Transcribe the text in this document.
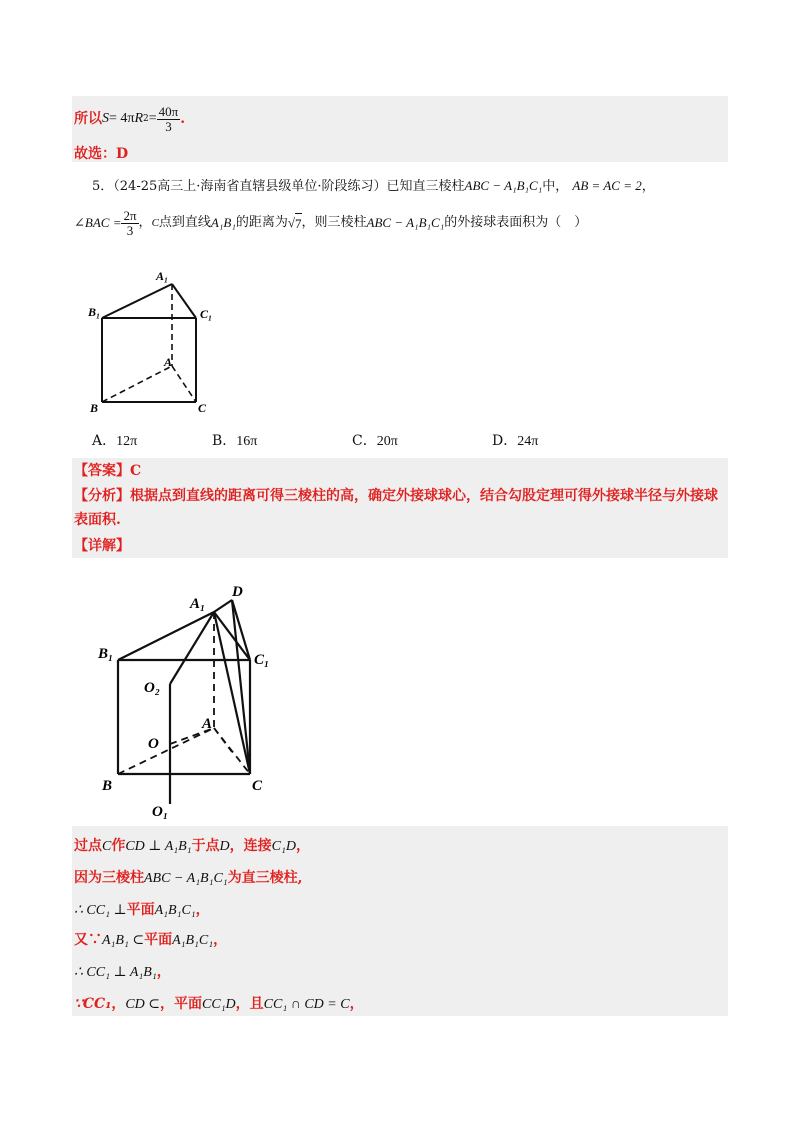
所以 S = 4π R $2 = \frac{40\pi}{3}$ .
故选：D
5．（24-25高三上·海南省直辖县级单位·阶段练习）已知直三棱柱ABC − A₁B₁C₁中， AB = AC = 2，
∠BAC = $\frac{2\pi}{3}$ ， C 点到直线 A₁B₁ 的距离为 √ 7 ，则三棱柱 ABC − A₁B₁C₁ 的外接球表面积为（　）
A₁
B₁	C₁
A
B	C
A．12π	B．16π	C．20π	D．24π
【答案】C
【分析】根据点到直线的距离可得三棱柱的高，确定外接球球心，结合勾股定理可得外接球半径与外接球
表面积.
【详解】
A₁
D
B₁	C₁
O₂
A
O
B	C
O₁
过点C作CD ⊥ A₁B₁于点D，连接C₁D，
因为三棱柱ABC − A₁B₁C₁为直三棱柱,
∴ CC₁ ⊥平面A₁B₁C₁，
又∵A₁B₁ ⊂平面A₁B₁C₁，
∴ CC₁ ⊥ A₁B₁，
∵CC₁，CD ⊂，平面CC₁D，且CC₁ ∩ CD = C，
